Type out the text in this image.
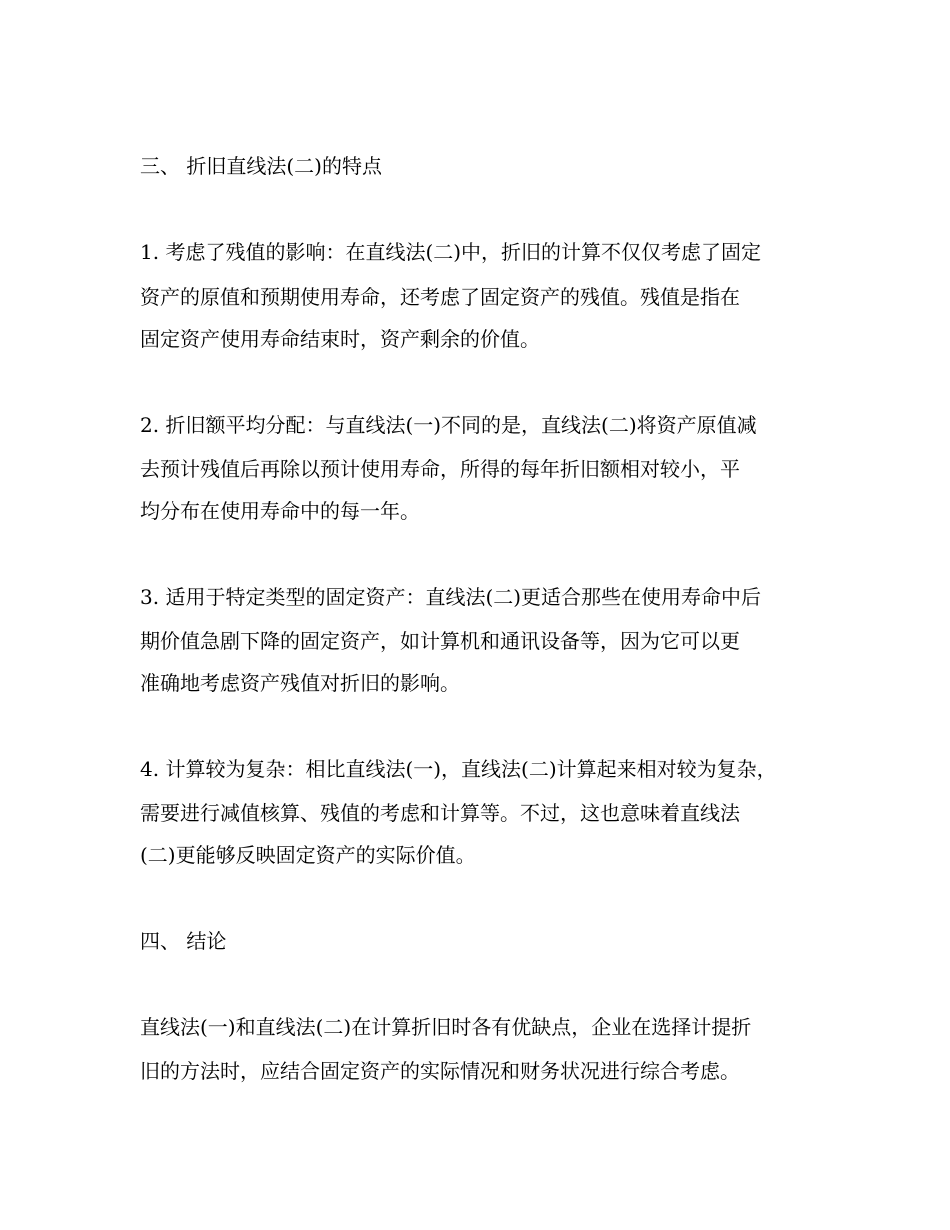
三、 折旧直线法(二)的特点
1. 考虑了残值的影响：在直线法(二)中，折旧的计算不仅仅考虑了固定
资产的原值和预期使用寿命，还考虑了固定资产的残值。残值是指在
固定资产使用寿命结束时，资产剩余的价值。
2. 折旧额平均分配：与直线法(一)不同的是，直线法(二)将资产原值减
去预计残值后再除以预计使用寿命，所得的每年折旧额相对较小，平
均分布在使用寿命中的每一年。
3. 适用于特定类型的固定资产：直线法(二)更适合那些在使用寿命中后
期价值急剧下降的固定资产，如计算机和通讯设备等，因为它可以更
准确地考虑资产残值对折旧的影响。
4. 计算较为复杂：相比直线法(一)，直线法(二)计算起来相对较为复杂，
需要进行减值核算、残值的考虑和计算等。不过，这也意味着直线法
(二)更能够反映固定资产的实际价值。
四、 结论
直线法(一)和直线法(二)在计算折旧时各有优缺点，企业在选择计提折
旧的方法时，应结合固定资产的实际情况和财务状况进行综合考虑。
